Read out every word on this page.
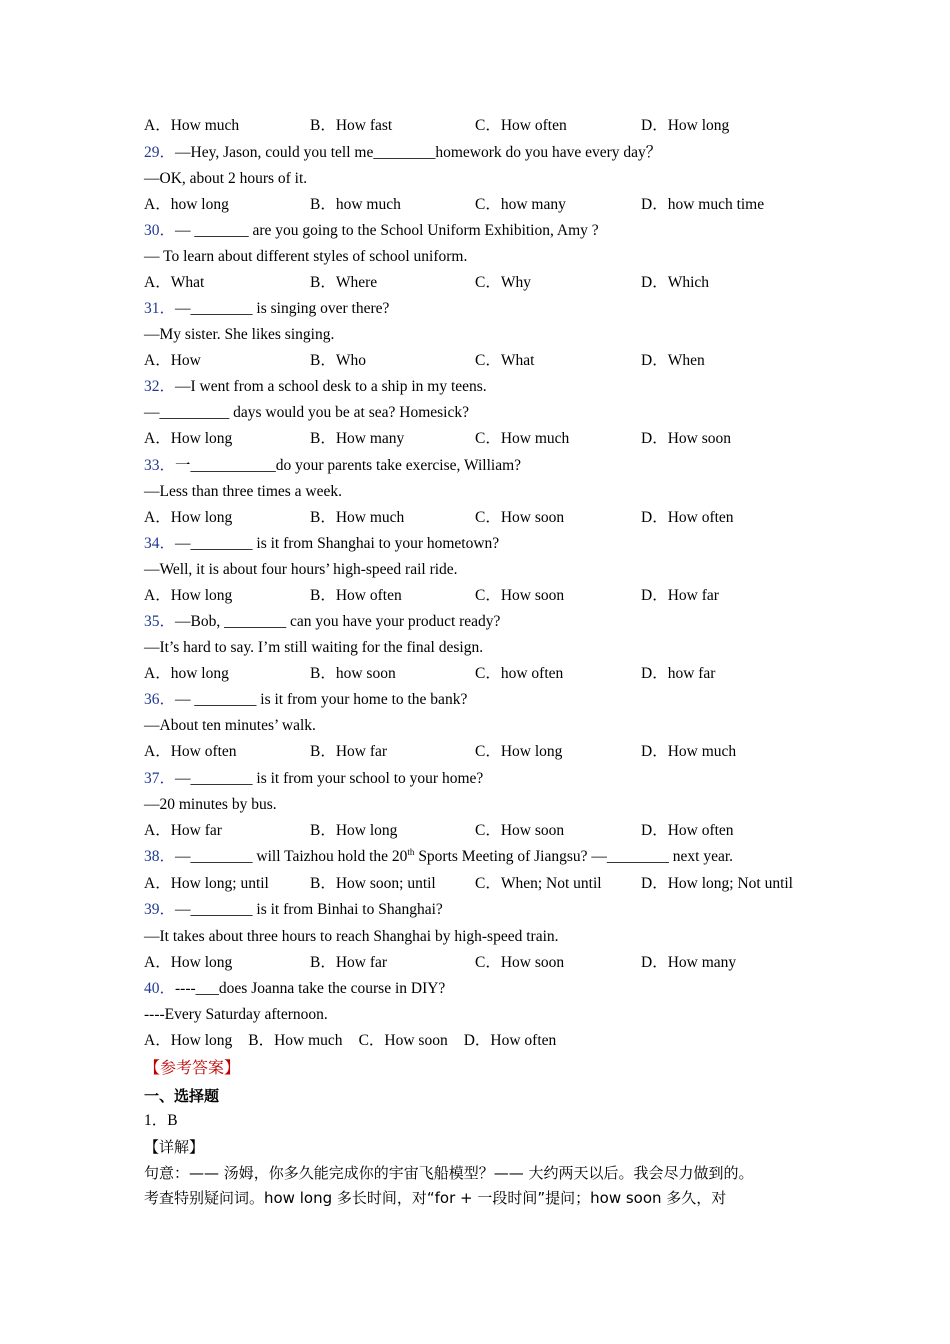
A．How much	B．How fast	C．How often	D．How long
29．—Hey, Jason, could you tell me________homework do you have every day？
—OK, about 2 hours of it.
A．how long	B．how much	C．how many	D．how much time
30．— _______ are you going to the School Uniform Exhibition, Amy ?
— To learn about different styles of school uniform.
A．What	B．Where	C．Why	D．Which
31．—________ is singing over there?
—My sister. She likes singing.
A．How	B．Who	C．What	D．When
32．—I went from a school desk to a ship in my teens.
—_________ days would you be at sea? Homesick?
A．How long	B．How many	C．How much	D．How soon
33．一___________do your parents take exercise, William?
—Less than three times a week.
A．How long	B．How much	C．How soon	D．How often
34．—________ is it from Shanghai to your hometown?
—Well, it is about four hours’ high-speed rail ride.
A．How long	B．How often	C．How soon	D．How far
35．—Bob, ________ can you have your product ready?
—It’s hard to say. I’m still waiting for the final design.
A．how long	B．how soon	C．how often	D．how far
36．— ________ is it from your home to the bank?
—About ten minutes’ walk.
A．How often	B．How far	C．How long	D．How much
37．—________ is it from your school to your home?
—20 minutes by bus.
A．How far	B．How long	C．How soon	D．How often
38．—________ will Taizhou hold the 20th Sports Meeting of Jiangsu? —________ next year.
A．How long; until	B．How soon; until	C．When; Not until	D．How long; Not until
39．—________ is it from Binhai to Shanghai?
—It takes about three hours to reach Shanghai by high-speed train.
A．How long	B．How far	C．How soon	D．How many
40．----___does Joanna take the course in DIY?
----Every Saturday afternoon.
A．How long B．How much C．How soon D．How often
【参考答案】
一、选择题
1．B
【详解】
句意：—— 汤姆，你多久能完成你的宇宙飞船模型？—— 大约两天以后。我会尽力做到的。
考查特别疑问词。how long 多长时间，对“for + 一段时间”提问；how soon 多久，对
